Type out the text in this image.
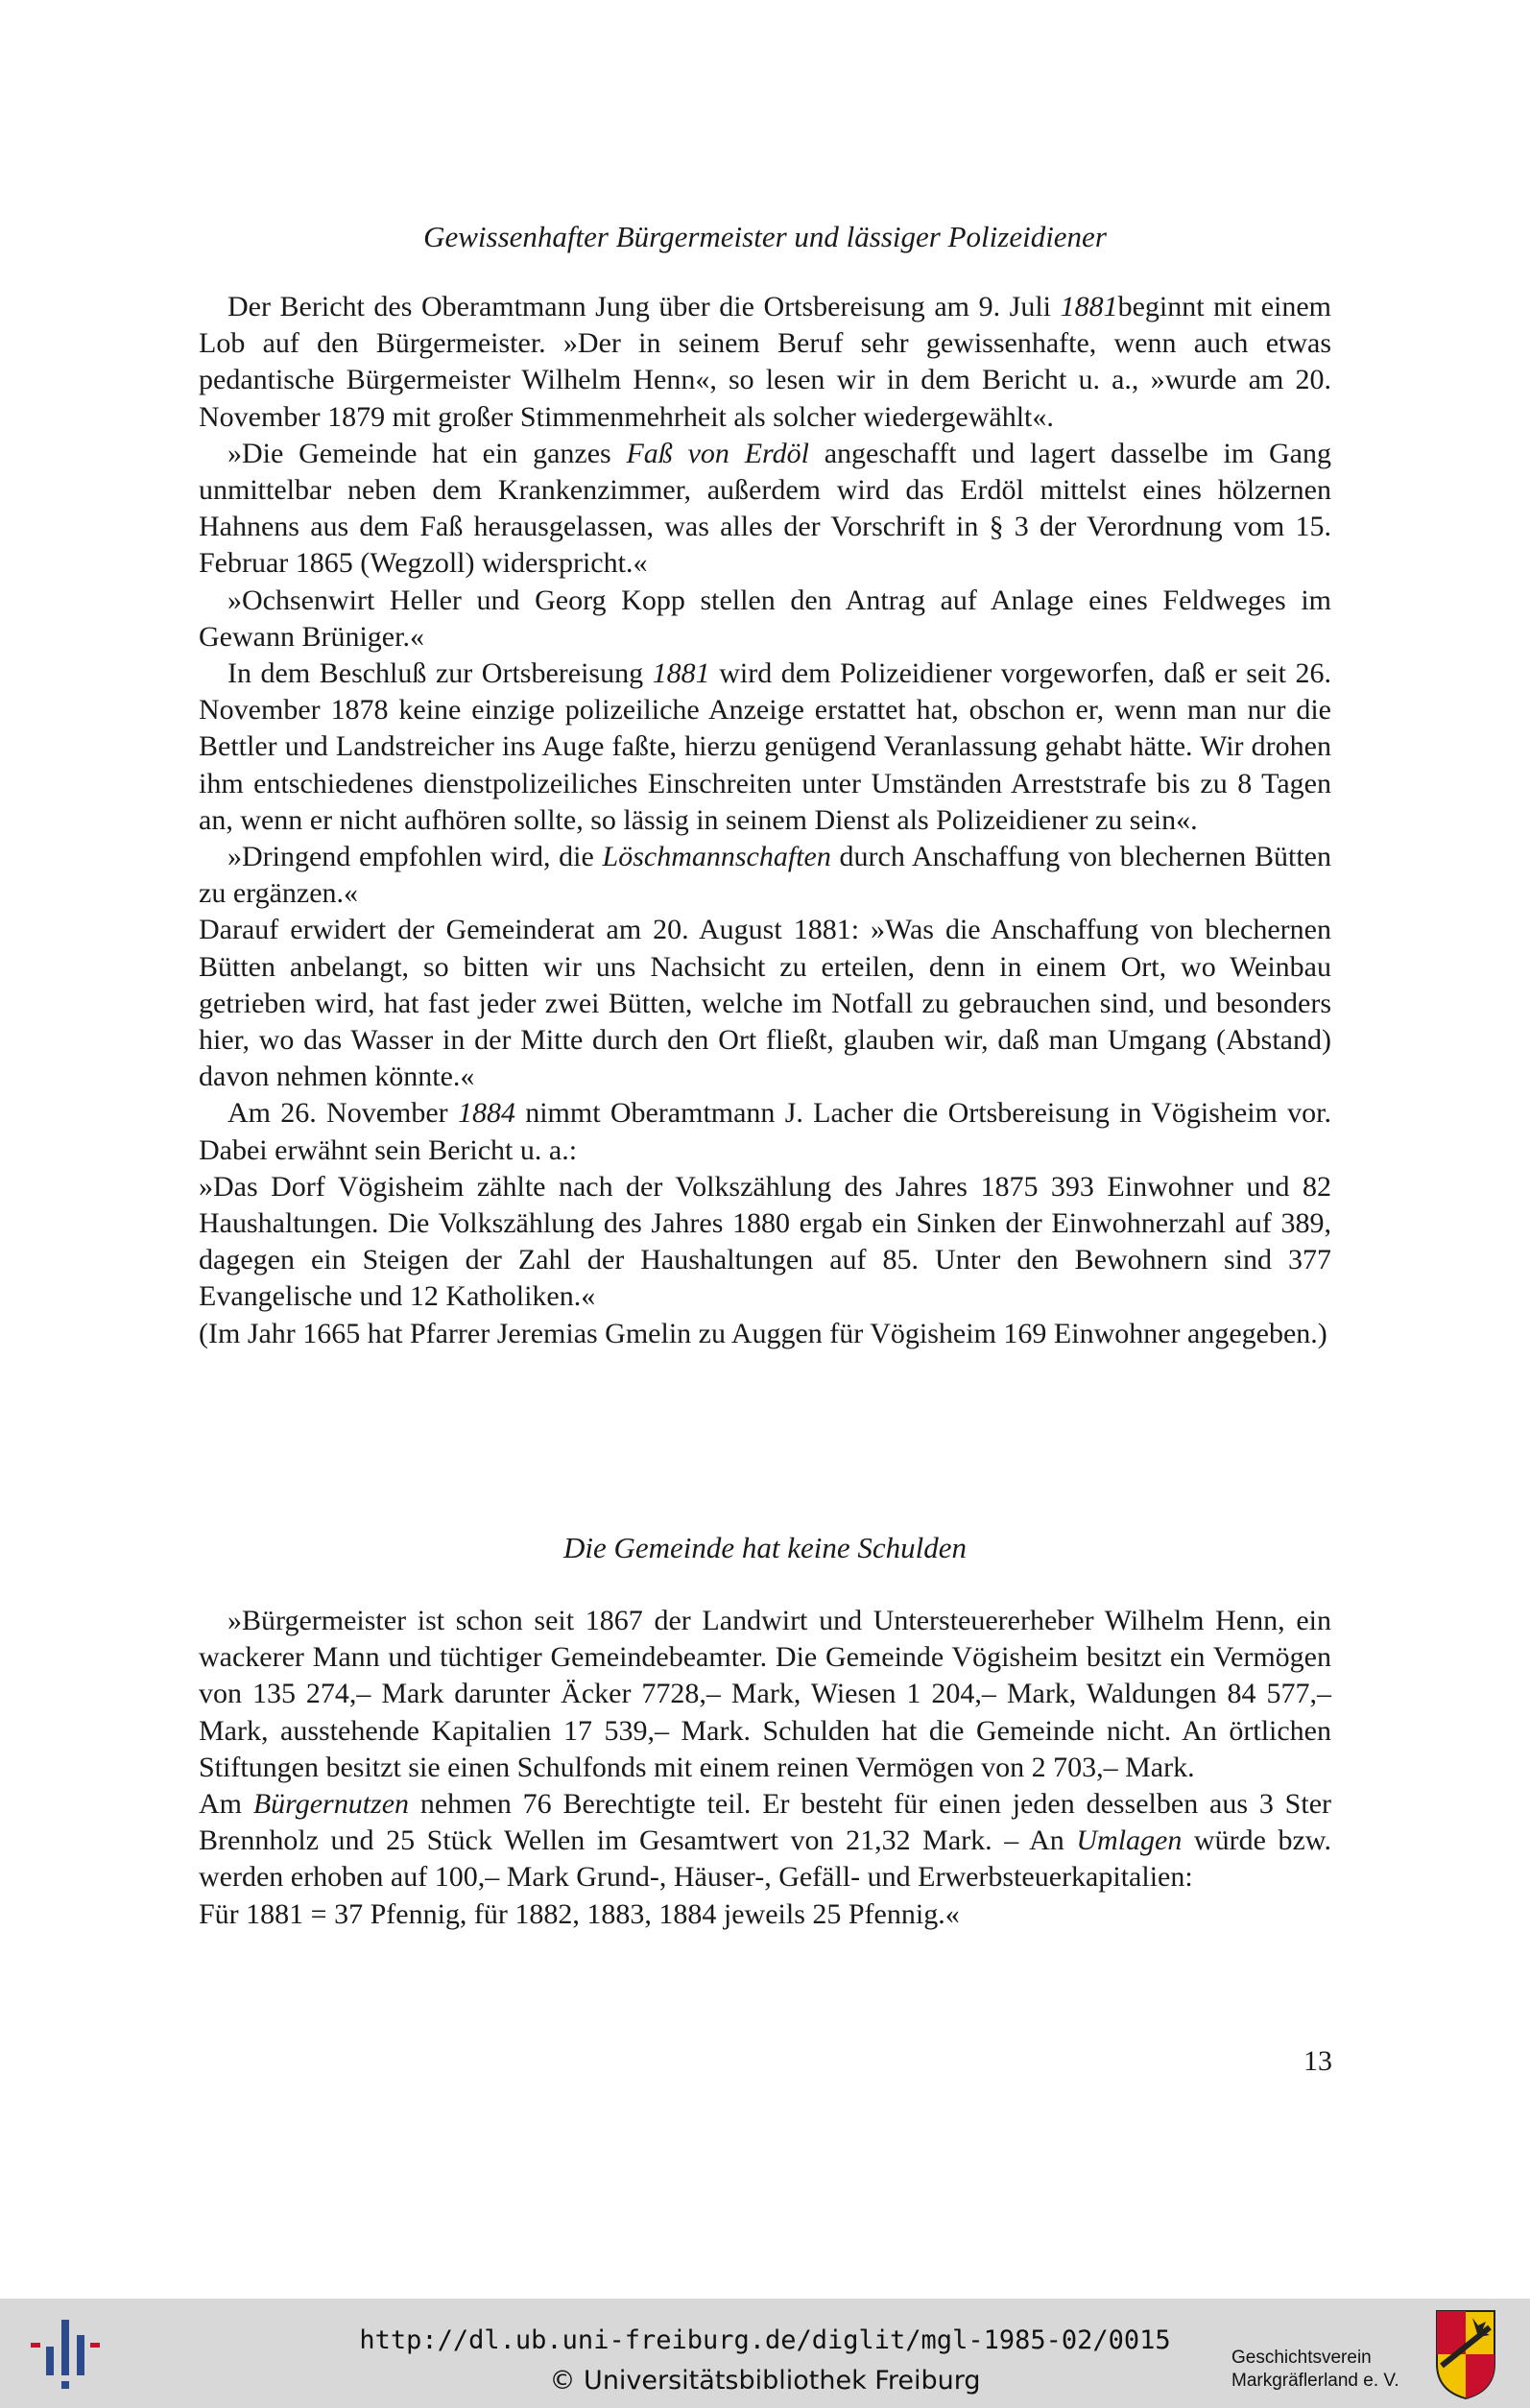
Gewissenhafter Bürgermeister und lässiger Polizeidiener

Der Bericht des Oberamtmann Jung über die Ortsbereisung am 9. Juli 1881beginnt mit einem Lob auf den Bürgermeister. »Der in seinem Beruf sehr gewissenhafte, wenn auch etwas pedantische Bürgermeister Wilhelm Henn«, so lesen wir in dem Bericht u. a., »wurde am 20. November 1879 mit großer Stimmenmehrheit als solcher wiedergewählt«.

»Die Gemeinde hat ein ganzes Faß von Erdöl angeschafft und lagert dasselbe im Gang unmittelbar neben dem Krankenzimmer, außerdem wird das Erdöl mittelst eines hölzernen Hahnens aus dem Faß herausgelassen, was alles der Vorschrift in § 3 der Verordnung vom 15. Februar 1865 (Wegzoll) widerspricht.«

»Ochsenwirt Heller und Georg Kopp stellen den Antrag auf Anlage eines Feldweges im Gewann Brüniger.«

In dem Beschluß zur Ortsbereisung 1881 wird dem Polizeidiener vorgeworfen, daß er seit 26. November 1878 keine einzige polizeiliche Anzeige erstattet hat, obschon er, wenn man nur die Bettler und Landstreicher ins Auge faßte, hierzu genügend Veranlassung gehabt hätte. Wir drohen ihm entschiedenes dienstpolizeiliches Einschreiten unter Umständen Arreststrafe bis zu 8 Tagen an, wenn er nicht aufhören sollte, so lässig in seinem Dienst als Polizeidiener zu sein«.

»Dringend empfohlen wird, die Löschmannschaften durch Anschaffung von blechernen Bütten zu ergänzen.«

Darauf erwidert der Gemeinderat am 20. August 1881: »Was die Anschaffung von blechernen Bütten anbelangt, so bitten wir uns Nachsicht zu erteilen, denn in einem Ort, wo Weinbau getrieben wird, hat fast jeder zwei Bütten, welche im Notfall zu gebrauchen sind, und besonders hier, wo das Wasser in der Mitte durch den Ort fließt, glauben wir, daß man Umgang (Abstand) davon nehmen könnte.«

Am 26. November 1884 nimmt Oberamtmann J. Lacher die Ortsbereisung in Vögisheim vor. Dabei erwähnt sein Bericht u. a.:

»Das Dorf Vögisheim zählte nach der Volkszählung des Jahres 1875 393 Einwohner und 82 Haushaltungen. Die Volkszählung des Jahres 1880 ergab ein Sinken der Einwohnerzahl auf 389, dagegen ein Steigen der Zahl der Haushaltungen auf 85. Unter den Bewohnern sind 377 Evangelische und 12 Katholiken.«

(Im Jahr 1665 hat Pfarrer Jeremias Gmelin zu Auggen für Vögisheim 169 Einwohner angegeben.)

Die Gemeinde hat keine Schulden

»Bürgermeister ist schon seit 1867 der Landwirt und Untersteuererheber Wilhelm Henn, ein wackerer Mann und tüchtiger Gemeindebeamter. Die Gemeinde Vögisheim besitzt ein Vermögen von 135 274,– Mark darunter Äcker 7728,– Mark, Wiesen 1 204,– Mark, Waldungen 84 577,– Mark, ausstehende Kapitalien 17 539,– Mark. Schulden hat die Gemeinde nicht. An örtlichen Stiftungen besitzt sie einen Schulfonds mit einem reinen Vermögen von 2 703,– Mark.

Am Bürgernutzen nehmen 76 Berechtigte teil. Er besteht für einen jeden desselben aus 3 Ster Brennholz und 25 Stück Wellen im Gesamtwert von 21,32 Mark. – An Umlagen würde bzw. werden erhoben auf 100,– Mark Grund-, Häuser-, Gefäll- und Erwerbsteuerkapitalien:

Für 1881 = 37 Pfennig, für 1882, 1883, 1884 jeweils 25 Pfennig.«

13
http://dl.ub.uni-freiburg.de/diglit/mgl-1985-02/0015
© Universitätsbibliothek Freiburg
Geschichtsverein
Markgräflerland e. V.
